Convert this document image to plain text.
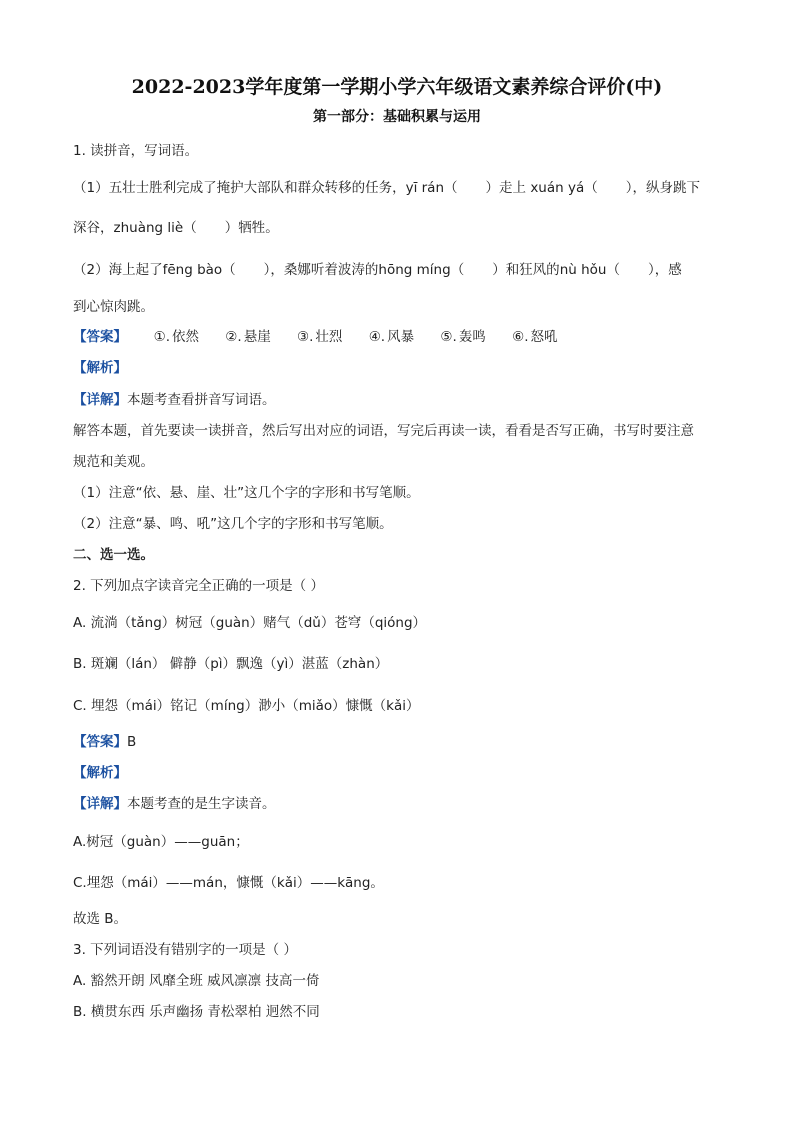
2022-2023学年度第一学期小学六年级语文素养综合评价(中)
第一部分：基础积累与运用
1. 读拼音，写词语。
（1）五壮士胜利完成了掩护大部队和群众转移的任务，yī rán（ ）走上 xuán yá（ ），纵身跳下
深谷，zhuàng liè（ ）牺牲。
（2）海上起了fēng bào（ ），桑娜听着波涛的hōng míng（ ）和狂风的nù hǒu（ ），感
到心惊肉跳。
【答案】 ①. 依然 ②. 悬崖 ③. 壮烈 ④. 风暴 ⑤. 轰鸣 ⑥. 怒吼
【解析】
【详解】本题考查看拼音写词语。
解答本题，首先要读一读拼音，然后写出对应的词语，写完后再读一读，看看是否写正确，书写时要注意
规范和美观。
（1）注意“依、悬、崖、壮”这几个字的字形和书写笔顺。
（2）注意“暴、鸣、吼”这几个字的字形和书写笔顺。
二、选一选。
2. 下列加点字读音完全正确的一项是（ ）
A. 流淌（tǎng）树冠（guàn）赌气（dǔ）苍穹（qióng）
B. 斑斓（lán） 僻静（pì）飘逸（yì）湛蓝（zhàn）
C. 埋怨（mái）铭记（míng）渺小（miǎo）慷慨（kǎi）
【答案】B
【解析】
【详解】本题考查的是生字读音。
A.树冠（guàn）——guān；
C.埋怨（mái）——mán，慷慨（kǎi）——kāng。
故选 B。
3. 下列词语没有错别字的一项是（ ）
A. 豁然开朗 风靡全班 威风凛凛 技高一倚
B. 横贯东西 乐声幽扬 青松翠柏 迥然不同
